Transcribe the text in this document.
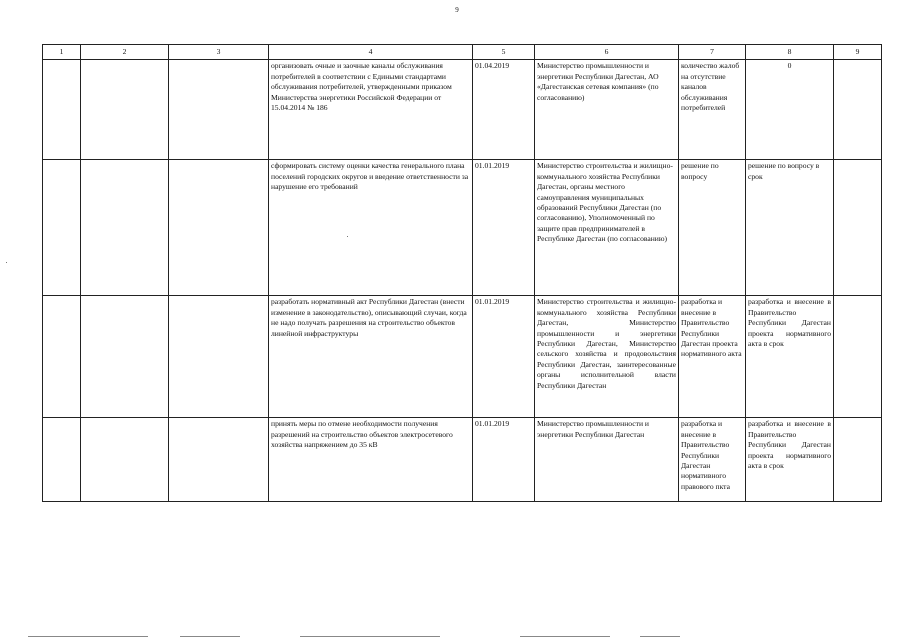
9
1	2	3	4	5	6	7	8	9
			организовать очные и заочные каналы обслуживания потребителей в соответствии с Едиными стандартами обслуживания потребителей, утвержденными приказом Министерства энергетики Российской Федерации от 15.04.2014 № 186	01.04.2019	Министерство промышленности и энергетики Республики Дагестан, АО «Дагестанская сетевая компания» (по согласованию)	количество жалоб на отсутствие каналов обслуживания потребителей	0	
			сформировать систему оценки качества генерального плана поселений городских округов и введение ответственности за нарушение его требований	01.01.2019	Министерство строительства и жилищно-коммунального хозяйства Республики Дагестан, органы местного самоуправления муниципальных образований Республики Дагестан (по согласованию), Уполномоченный по защите прав предпринимателей в Республике Дагестан (по согласованию)	решение по вопросу	решение по вопросу в срок	
			разработать нормативный акт Республики Дагестан (внести изменение в законодательство), описывающий случаи, когда не надо получать разрешения на строительство объектов линейной инфраструктуры	01.01.2019	Министерство строительства и жилищно-коммунального хозяйства Республики Дагестан, Министерство промышленности и энергетики Республики Дагестан, Министерство сельского хозяйства и продовольствия Республики Дагестан, заинтересованные органы исполнительной власти Республики Дагестан	разработка и внесение в Правительство Республики Дагестан проекта нормативного акта	разработка и внесение в Правительство Республики Дагестан проекта нормативного акта в срок	
			принять меры по отмене необходимости получения разрешений на строительство объектов электросетевого хозяйства напряжением до 35 кВ	01.01.2019	Министерство промышленности и энергетики Республики Дагестан	разработка и внесение в Правительство Республики Дагестан нормативного правового пкта	разработка и внесение в Правительство Республики Дагестан проекта нормативного акта в срок	
